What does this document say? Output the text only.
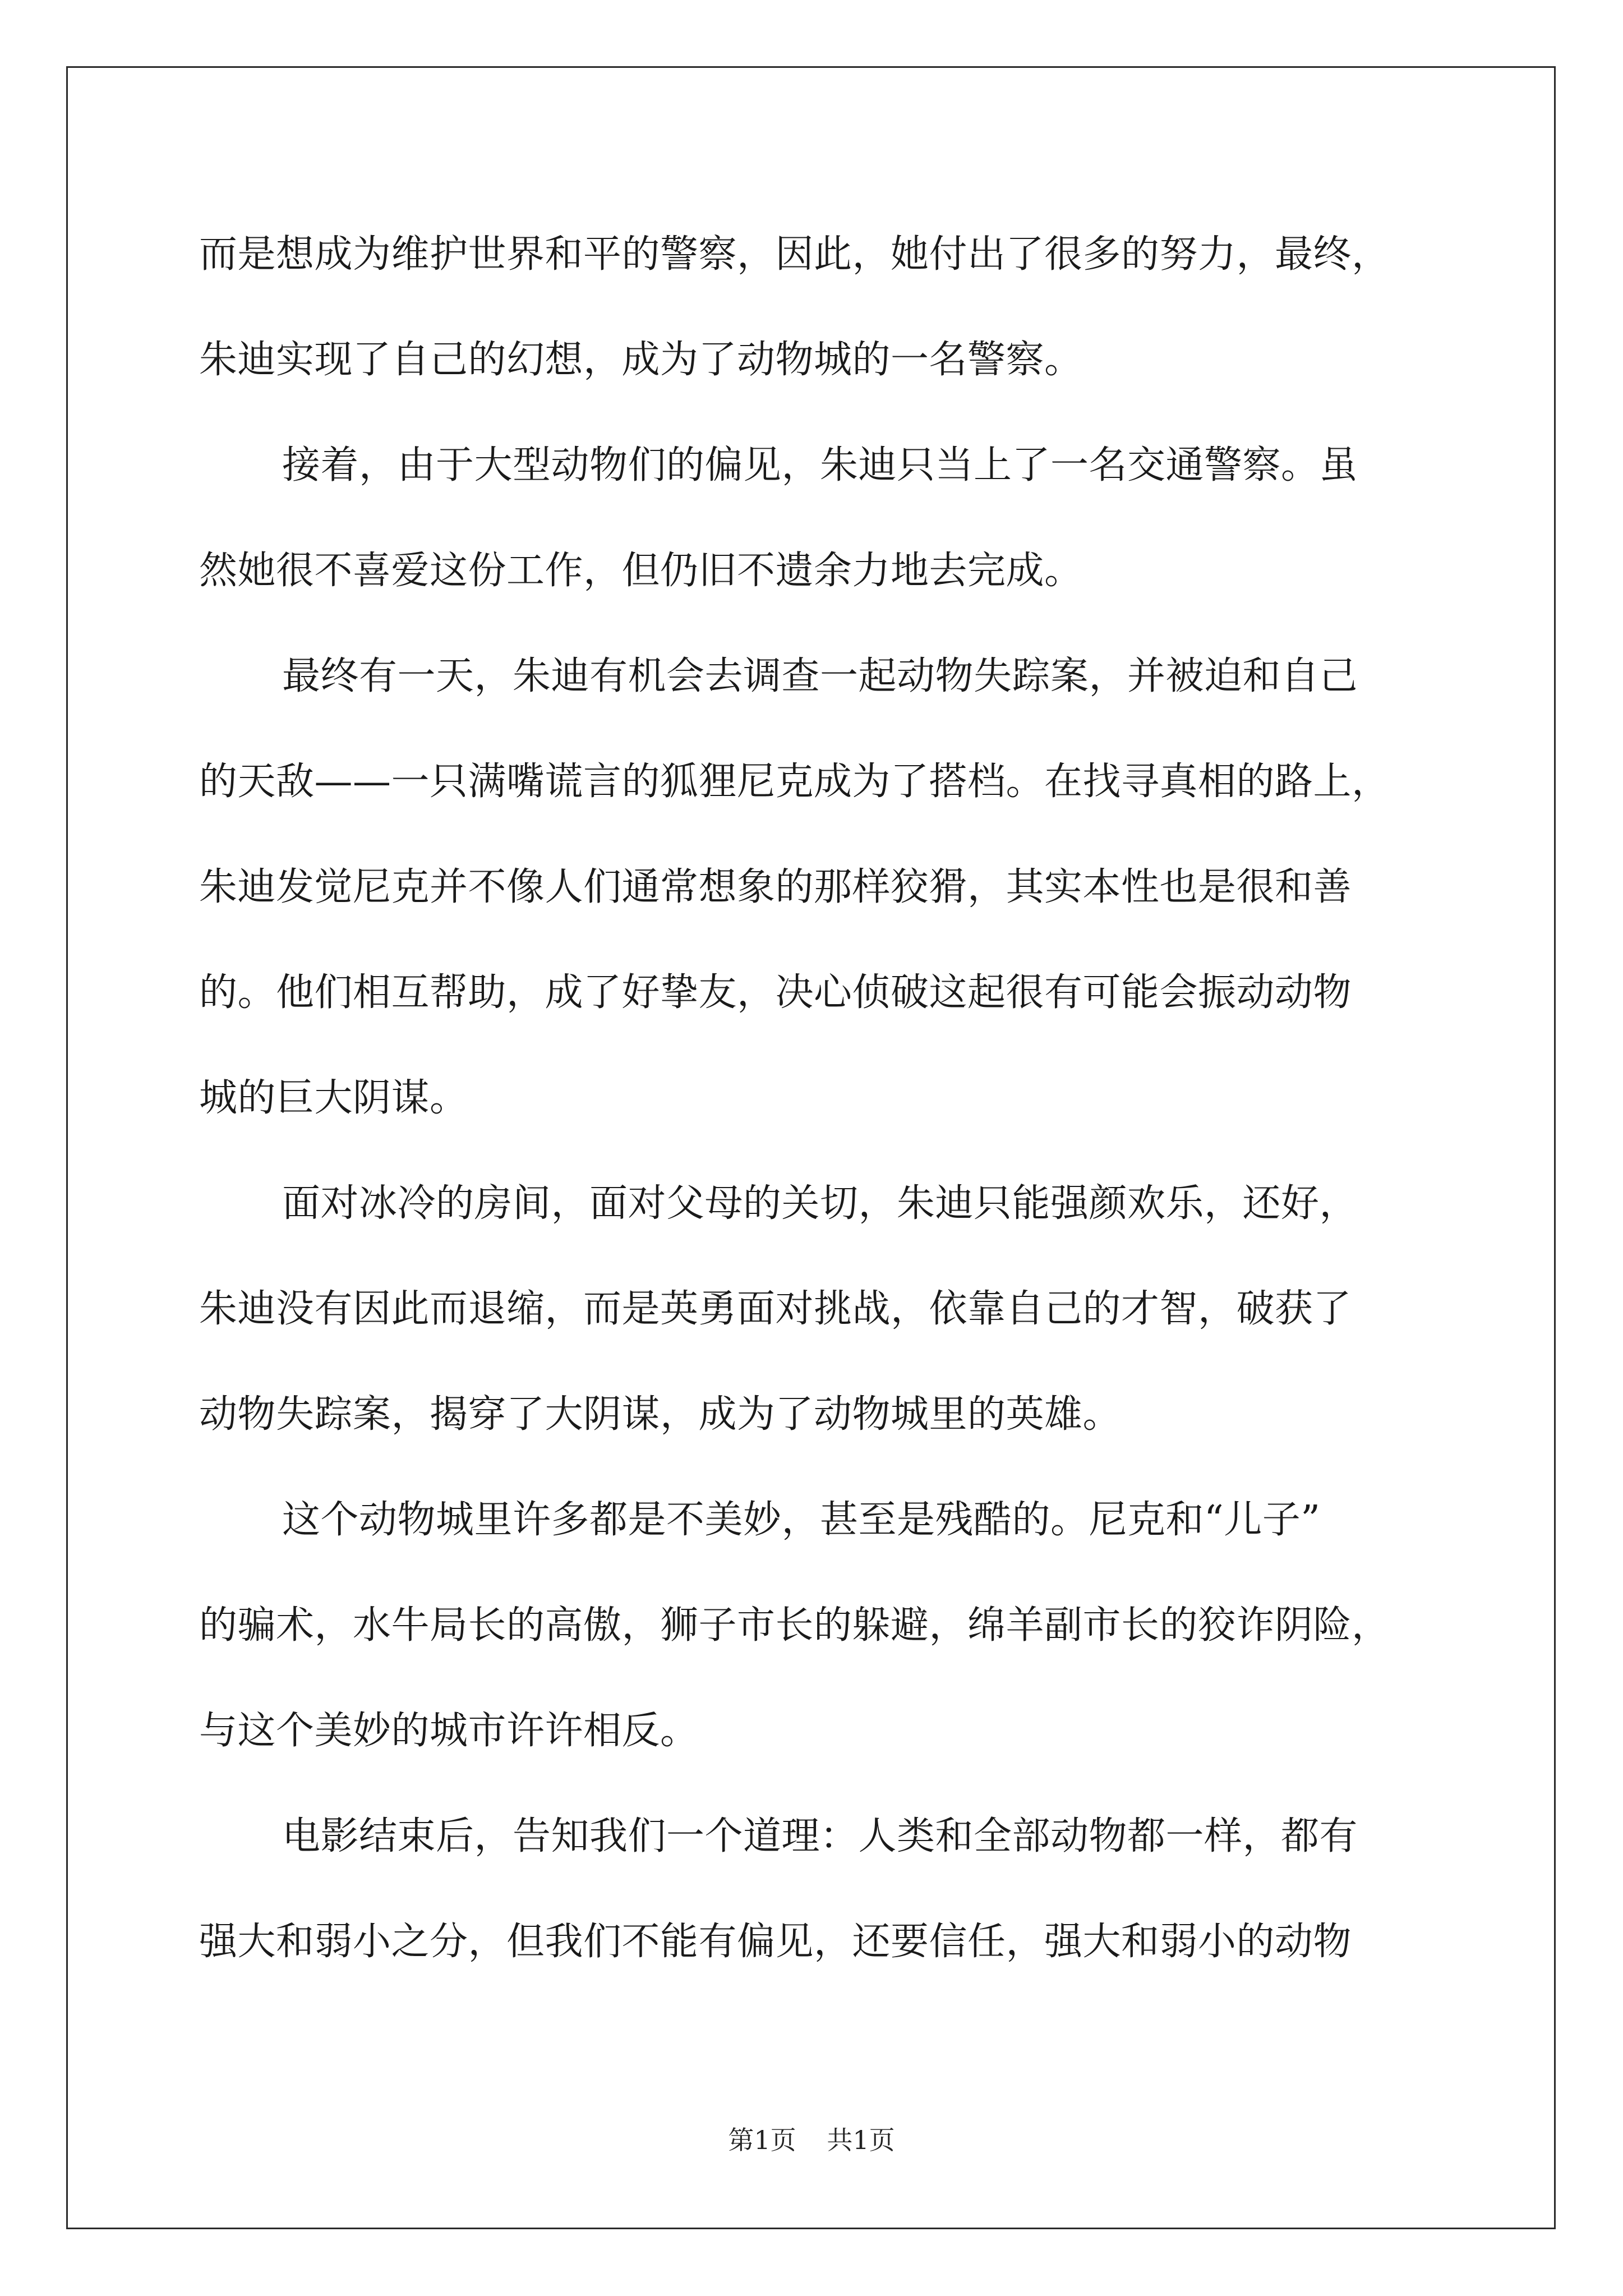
而是想成为维护世界和平的警察，因此，她付出了很多的努力，最终，
朱迪实现了自己的幻想，成为了动物城的一名警察。
接着，由于大型动物们的偏见，朱迪只当上了一名交通警察。虽
然她很不喜爱这份工作，但仍旧不遗余力地去完成。
最终有一天，朱迪有机会去调查一起动物失踪案，并被迫和自己
的天敌——一只满嘴谎言的狐狸尼克成为了搭档。在找寻真相的路上，
朱迪发觉尼克并不像人们通常想象的那样狡猾，其实本性也是很和善
的。他们相互帮助，成了好挚友，决心侦破这起很有可能会振动动物
城的巨大阴谋。
面对冰冷的房间，面对父母的关切，朱迪只能强颜欢乐，还好，
朱迪没有因此而退缩，而是英勇面对挑战，依靠自己的才智，破获了
动物失踪案，揭穿了大阴谋，成为了动物城里的英雄。
这个动物城里许多都是不美妙，甚至是残酷的。尼克和“儿子”
的骗术，水牛局长的高傲，狮子市长的躲避，绵羊副市长的狡诈阴险，
与这个美妙的城市许许相反。
电影结束后，告知我们一个道理：人类和全部动物都一样，都有
强大和弱小之分，但我们不能有偏见，还要信任，强大和弱小的动物
第1页 共1页
